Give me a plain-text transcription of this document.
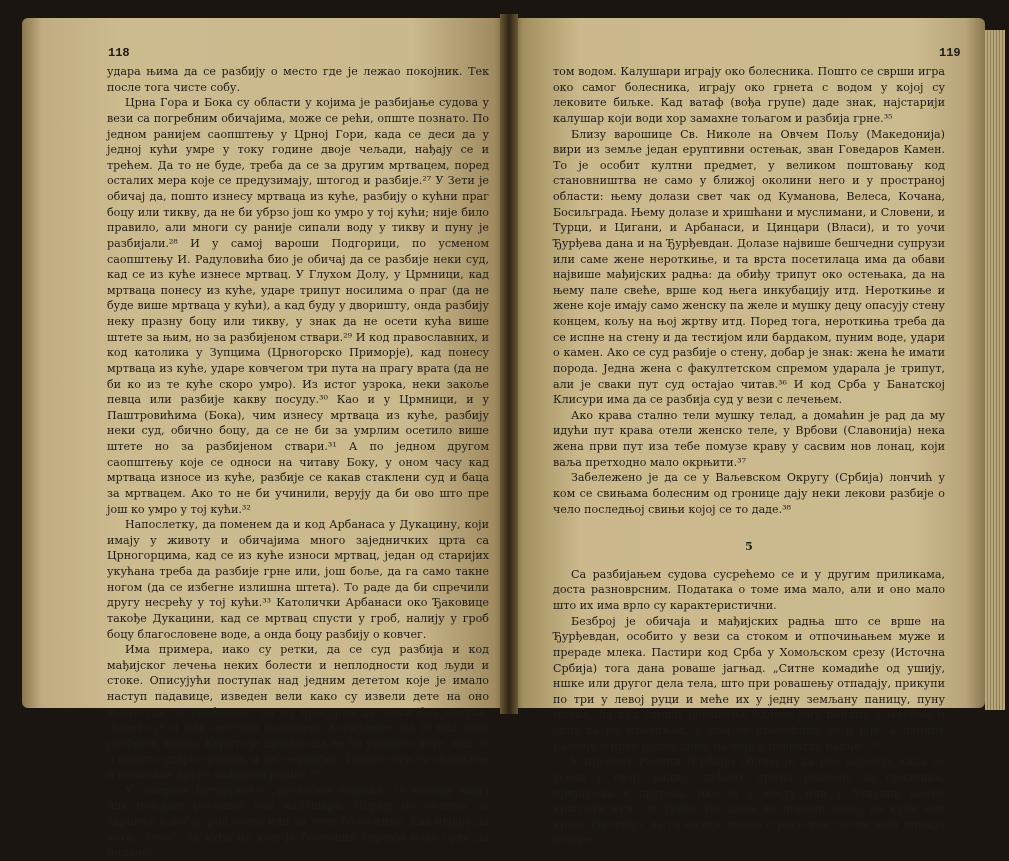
118

удара њима да се разбију о место где је лежао покојник. Тек после тога чисте собу.

Црна Гора и Бока су области у којима је разбијање судова у вези са погребним обичајима, може се рећи, опште познато. По једном ранијем саопштењу у Црној Гори, када се деси да у једној кући умре у току године двоје чељади, нађају се и трећем. Да то не буде, треба да се за другим мртвацем, поред осталих мера које се предузимају, штогод и разбије.²⁷ У Зети је обичај да, пошто изнесу мртваца из куће, разбију о кућни праг боцу или тикву, да не би убрзо још ко умро у тој кући; није било правило, али многи су раније сипали воду у тикву и пуну је разбијали.²⁸ И у самој вароши Подгорици, по усменом саопштењу И. Радуловића био је обичај да се разбије неки суд, кад се из куће изнесе мртвац. У Глухом Долу, у Црмници, кад мртваца понесу из куће, ударе трипут носилима о праг (да не буде више мртваца у кући), а кад буду у дворишту, онда разбију неку празну боцу или тикву, у знак да не осети кућа више штете за њим, но за разбијеном ствари.²⁹ И код православних, и код католика у Зупцима (Црногорско Приморје), кад понесу мртваца из куће, ударе ковчегом три пута на прагу врата (да не би ко из те куће скоро умро). Из истог узрока, неки закоље певца или разбије какву посуду.³⁰ Као и у Црмници, и у Паштровићима (Бока), чим изнесу мртваца из куће, разбију неки суд, обично боцу, да се не би за умрлим осетило више штете но за разбијеном ствари.³¹ А по једном другом саопштењу које се односи на читаву Боку, у оном часу кад мртваца износе из куће, разбије се какав стаклени суд и баца за мртвацем. Ако то не би учинили, верују да би ово што пре још ко умро у тој кући.³²

Напослетку, да поменем да и код Арбанаса у Дукацину, који имају у животу и обичајима много заједничких црта са Црногорцима, кад се из куће износи мртвац, један од старијих укућана треба да разбије грне или, још боље, да га само такне ногом (да се избегне излишна штета). То раде да би спречили другу несрећу у тој кући.³³ Католички Арбанаси око Ђаковице такође Дукацини, кад се мртвац спусти у гроб, налију у гроб боцу благословене воде, а онда боцу разбију о ковчег.

Има примера, иако су ретки, да се суд разбија и код мађијског лечења неких болести и неплодности код људи и стоке. Описујући поступак над једним дететом које је имало наступ падавице, изведен вели како су извели дете на оно место где се разболело, па му прострли да лежи без јастука. Донето је и над дететом положено коританце, па је над њим разбијен лонац. Корито је држано да не би ударило дете, кад се о корито удари грнцем, и он се разбио. После тога су обављене и неколике друге мађијске радње.³⁴

У северној Бугарској у „русалској недељи“ (у месецу мају) иду поворке русалија или калушара. Играју по селима за здравље и добар род усева или да лече болеснике. Кад играју да кога „лече“, та кућа из које је болесник спреми ново грне да неначе-

119

том водом. Калушари играју око болесника. Пошто се сврши игра око самог болесника, играју око грнета с водом у којој су лековите биљке. Кад ватаф (вођа групе) даде знак, најстарији калушар који води хор замахне тољагом и разбија грне.³⁵

Близу варошице Св. Николе на Овчем Пољу (Македонија) вири из земље један еруптивни остењак, зван Говедаров Камен. То је особит култни предмет, у великом поштовању код становништва не само у ближој околини него и у пространој области: њему долази свет чак од Куманова, Велеса, Кочана, Босиљграда. Њему долазе и хришћани и муслимани, и Словени, и Турци, и Цигани, и Арбанаси, и Цинцари (Власи), и то уочи Ђурђева дана и на Ђурђевдан. Долазе највише бешчедни супрузи или саме жене нероткиње, и та врста посетилаца има да обави највише мађијских радња: да обиђу трипут око остењака, да на њему пале свеће, врше код њега инкубацију итд. Нероткиње и жене које имају само женску па желе и мушку децу опасују стену концем, кољу на њој жртву итд. Поред тога, нероткиња треба да се испне на стену и да тестијом или бардаком, пуним воде, удари о камен. Ако се суд разбије о стену, добар је знак: жена ће имати порода. Једна жена с факултетском спремом ударала је трипут, али је сваки пут суд остајао читав.³⁶ И код Срба у Банатској Клисури има да се разбија суд у вези с лечењем.

Ако крава стално тели мушку телад, а домаћин је рад да му идући пут крава отели женско теле, у Врбови (Славонија) нека жена први пут иза тебе помузе краву у сасвим нов лонац, који ваља претходно мало окрњити.³⁷

Забележено је да се у Ваљевском Округу (Србија) лончић у ком се свињама болесним од гронице дају неки лекови разбије о чело последњој свињи којој се то даде.³⁸

5

Са разбијањем судова сусрећемо се и у другим приликама, доста разноврсним. Података о томе има мало, али и оно мало што их има врло су карактеристични.

Безброј је обичаја и мађијских радња што се врше на Ђурђевдан, особито у вези са стоком и отпочињањем муже и прераде млека. Пастири код Срба у Хомољском срезу (Источна Србија) тога дана роваше јагњад. „Ситне комадиће од ушију, ншке или другог дела тела, што при ровашењу отпадају, прикупи по три у левој руци и меће их у једну земљану паницу, пуну млека, па кад сврши ровашење однесе ону паницу с млеком и сипа га на мравињак, у ком су пренoћили со и јаје, а паницу разбије о прво родно дрво, на које у повратку наиђе“.³⁹

У пределу Расини (Србија) обичај је да нов мајстор, када се усели у своју радњу (дућан), прима поклоне од сродника, пријатеља и другова. Ако је у месту или у близини његов крштени кум, он треба тог дана да порани рано, да купи нов крчаг (тестију), да га налије водом с реке или чесме који никада не пре-
